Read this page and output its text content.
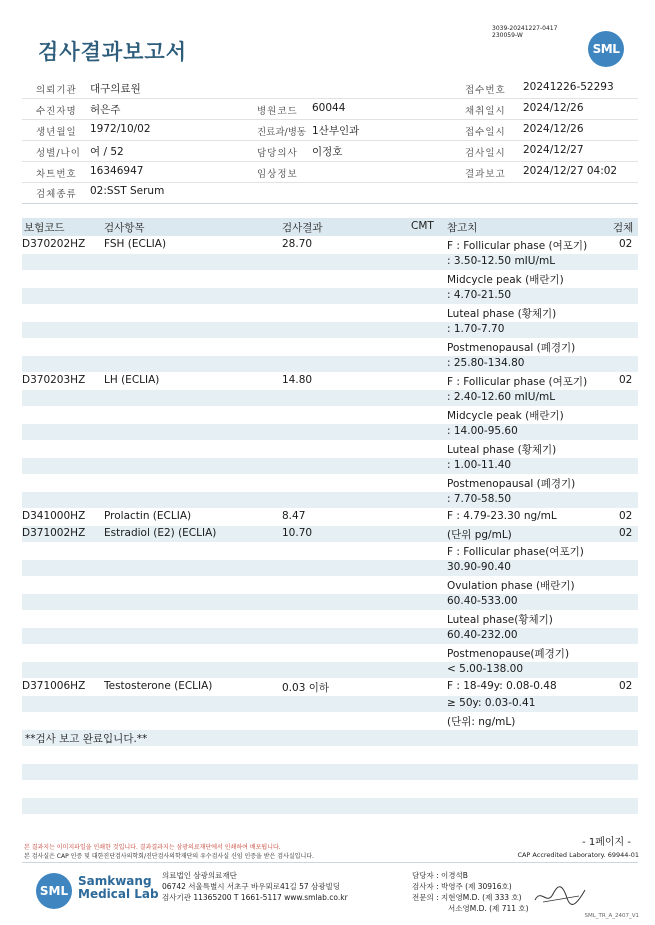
검사결과보고서
3039-20241227-0417
230059-W
SML
의뢰기관 대구의료원	접수번호 20241226-52293
수진자명 허은주	병원코드 60044	채취일시 2024/12/26
생년월일 1972/10/02	진료과/병동 1산부인과	접수일시 2024/12/26
성별/나이 여 / 52	담당의사 이정호	검사일시 2024/12/27
차트번호 16346947	임상정보	결과보고 2024/12/27 04:02
검체종류 02:SST Serum
보험코드	검사항목	검사결과	CMT 참고치	검체
D370202HZ FSH (ECLIA)	28.70	F : Follicular phase (여포기)	02
: 3.50-12.50 mIU/mL
Midcycle peak (배란기)
: 4.70-21.50
Luteal phase (황체기)
: 1.70-7.70
Postmenopausal (폐경기)
: 25.80-134.80
D370203HZ LH (ECLIA)	14.80	F : Follicular phase (여포기)	02
: 2.40-12.60 mIU/mL
Midcycle peak (배란기)
: 14.00-95.60
Luteal phase (황체기)
: 1.00-11.40
Postmenopausal (폐경기)
: 7.70-58.50
D341000HZ Prolactin (ECLIA)	8.47	F : 4.79-23.30 ng/mL	02
D371002HZ Estradiol (E2) (ECLIA)	10.70	(단위 pg/mL)	02
F : Follicular phase(여포기)
30.90-90.40
Ovulation phase (배란기)
60.40-533.00
Luteal phase(황체기)
60.40-232.00
Postmenopause(폐경기)
< 5.00-138.00
D371006HZ Testosterone (ECLIA)	0.03 이하	F : 18-49y: 0.08-0.48	02
≥ 50y: 0.03-0.41
(단위: ng/mL)
**검사 보고 완료입니다.**
- 1페이지 -
본 결과지는 이미지파일을 인쇄한 것입니다. 결과결과지는 삼광의료재단에서 인쇄하여 배포됩니다.
본 검사실은 CAP 인증 및 대한진단검사의학회/진단검사의학재단의 우수검사실 신임 인증을 받은 검사실입니다.	CAP Accredited Laboratory. 69944-01
SML
Samkwang
Medical Lab
의료법인 삼광의료재단
06742 서울특별시 서초구 바우뫼로41길 57 삼광빌딩
검사기관 11365200 T 1661-5117 www.smlab.co.kr
담당자 : 이경석B
검사자 : 박영주 (제 30916호)
전문의 : 지현영M.D. (제 333 호)
서소영M.D. (제 711 호)
SML_TR_A_2407_V1
